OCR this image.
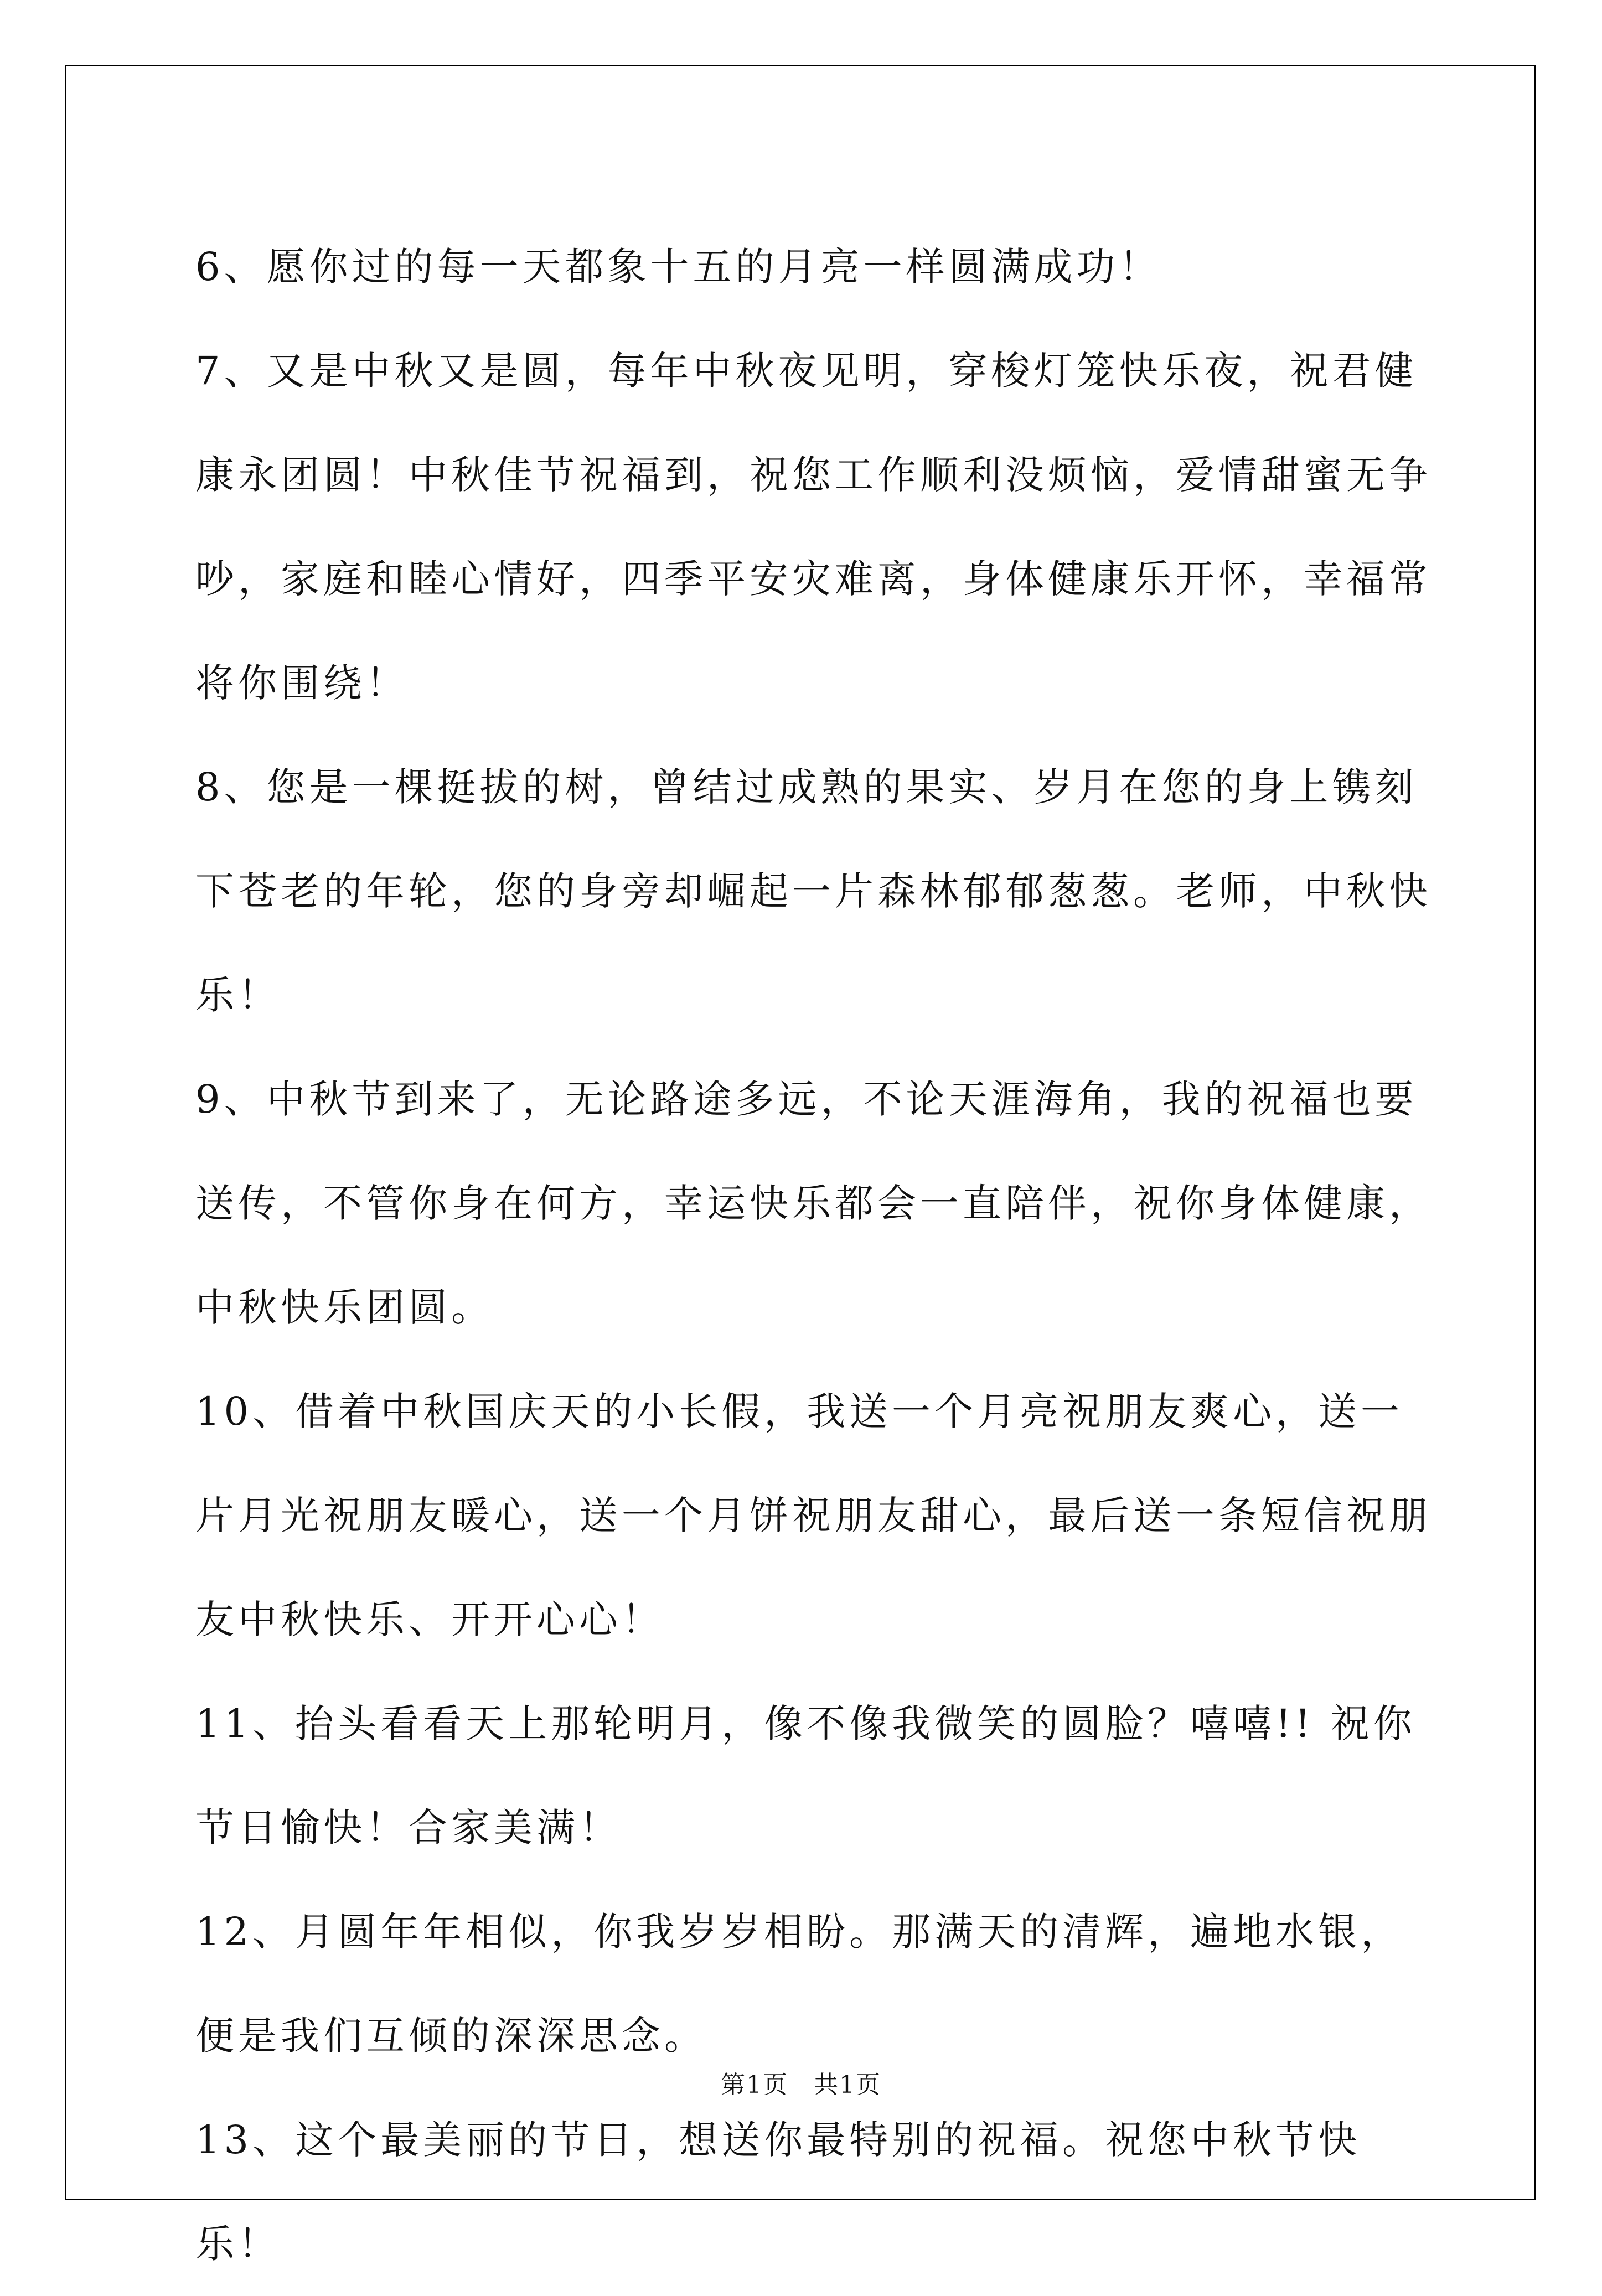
6、愿你过的每一天都象十五的月亮一样圆满成功！

7、又是中秋又是圆，每年中秋夜见明，穿梭灯笼快乐夜，祝君健康永团圆！中秋佳节祝福到，祝您工作顺利没烦恼，爱情甜蜜无争吵，家庭和睦心情好，四季平安灾难离，身体健康乐开怀，幸福常将你围绕！

8、您是一棵挺拔的树，曾结过成熟的果实、岁月在您的身上镌刻下苍老的年轮，您的身旁却崛起一片森林郁郁葱葱。老师，中秋快乐！

9、中秋节到来了，无论路途多远，不论天涯海角，我的祝福也要送传，不管你身在何方，幸运快乐都会一直陪伴，祝你身体健康，中秋快乐团圆。

10、借着中秋国庆天的小长假，我送一个月亮祝朋友爽心，送一片月光祝朋友暖心，送一个月饼祝朋友甜心，最后送一条短信祝朋友中秋快乐、开开心心！

11、抬头看看天上那轮明月，像不像我微笑的圆脸？嘻嘻!! 祝你节日愉快！合家美满！

12、月圆年年相似，你我岁岁相盼。那满天的清辉，遍地水银，便是我们互倾的深深思念。

13、这个最美丽的节日，想送你最特别的祝福。祝您中秋节快乐！

第1页　共1页
